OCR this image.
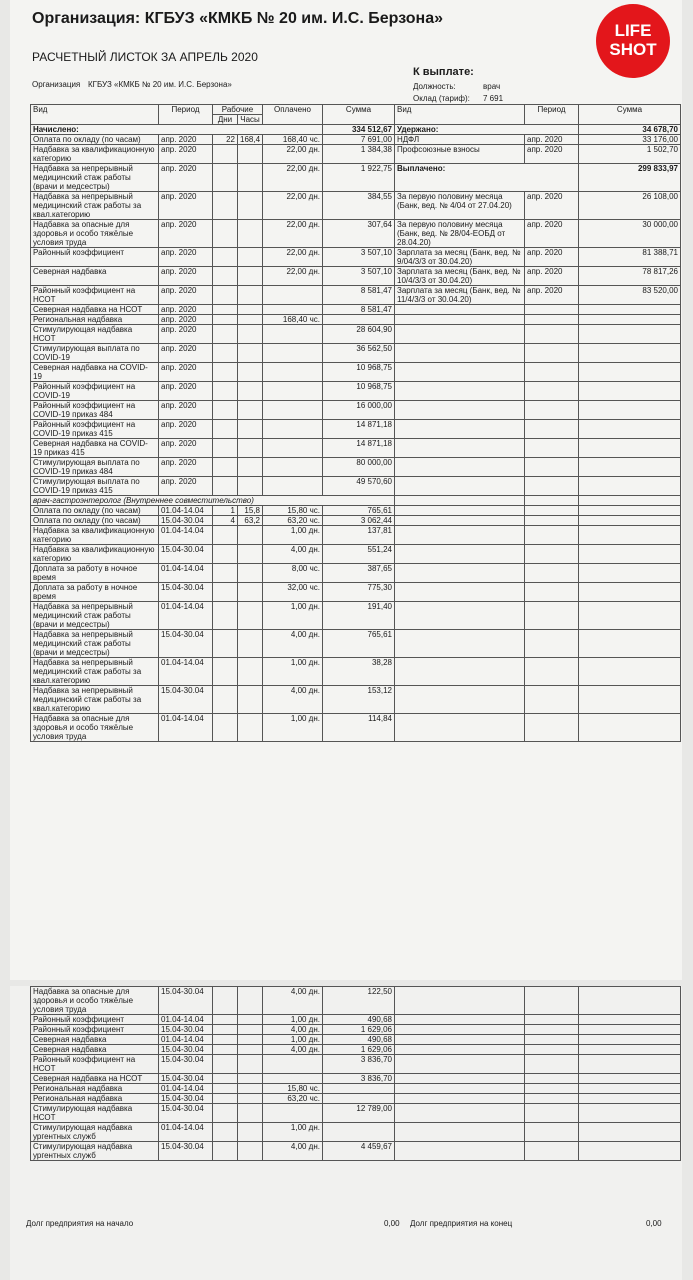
Организация: КГБУЗ «КМКБ № 20 им. И.С. Берзона»
РАСЧЕТНЫЙ ЛИСТОК ЗА АПРЕЛЬ 2020
Организация КГБУЗ «КМКБ № 20 им. И.С. Берзона»
К выплате:
Должность:	врач
Оклад (тариф): 7 691
Вид	Период	Рабочие		Оплачено	Сумма	Вид	Период	Сумма
		Дни	Часы					
Начислено:					334 512,67	Удержано:		34 678,70
Оплата по окладу (по часам)	апр. 2020	22	168,4	168,40 чс.	7 691,00	НДФЛ	апр. 2020	33 176,00
Надбавка за квалификационную категорию	апр. 2020			22,00 дн.	1 384,38	Профсоюзные взносы	апр. 2020	1 502,70
Надбавка за непрерывный медицинский стаж работы (врачи и медсестры)	апр. 2020			22,00 дн.	1 922,75	Выплачено:		299 833,97
Надбавка за непрерывный медицинский стаж работы за квал.категорию	апр. 2020			22,00 дн.	384,55	За первую половину месяца (Банк, вед. № 4/04 от 27.04.20)	апр. 2020	26 108,00
Надбавка за опасные для здоровья и особо тяжёлые условия труда	апр. 2020			22,00 дн.	307,64	За первую половину месяца (Банк, вед. № 28/04-ЕОБД от 28.04.20)	апр. 2020	30 000,00
Районный коэффициент	апр. 2020			22,00 дн.	3 507,10	Зарплата за месяц (Банк, вед. № 9/04/3/3 от 30.04.20)	апр. 2020	81 388,71
Северная надбавка	апр. 2020			22,00 дн.	3 507,10	Зарплата за месяц (Банк, вед. № 10/4/3/3 от 30.04.20)	апр. 2020	78 817,26
Районный коэффициент на НСОТ	апр. 2020				8 581,47	Зарплата за месяц (Банк, вед. № 11/4/3/3 от 30.04.20)	апр. 2020	83 520,00
Северная надбавка на НСОТ	апр. 2020				8 581,47			
Региональная надбавка	апр. 2020			168,40 чс.				
Стимулирующая надбавка НСОТ	апр. 2020				28 604,90			
Стимулирующая выплата по COVID-19	апр. 2020				36 562,50			
Северная надбавка на COVID-19	апр. 2020				10 968,75			
Районный коэффициент на COVID-19	апр. 2020				10 968,75			
Районный коэффициент на COVID-19 приказ 484	апр. 2020				16 000,00			
Районный коэффициент на COVID-19 приказ 415	апр. 2020				14 871,18			
Северная надбавка на COVID-19 приказ 415	апр. 2020				14 871,18			
Стимулирующая выплата по COVID-19 приказ 484	апр. 2020				80 000,00			
Стимулирующая выплата по COVID-19 приказ 415	апр. 2020				49 570,60			
врач-гастроэнтеролог (Внутреннее совместительство)								
Оплата по окладу (по часам)	01.04-14.04	1	15,8	15,80 чс.	765,61			
Оплата по окладу (по часам)	15.04-30.04	4	63,2	63,20 чс.	3 062,44			
Надбавка за квалификационную категорию	01.04-14.04			1,00 дн.	137,81			
Надбавка за квалификационную категорию	15.04-30.04			4,00 дн.	551,24			
Доплата за работу в ночное время	01.04-14.04			8,00 чс.	387,65			
Доплата за работу в ночное время	15.04-30.04			32,00 чс.	775,30			
Надбавка за непрерывный медицинский стаж работы (врачи и медсестры)	01.04-14.04			1,00 дн.	191,40			
Надбавка за непрерывный медицинский стаж работы (врачи и медсестры)	15.04-30.04			4,00 дн.	765,61			
Надбавка за непрерывный медицинский стаж работы за квал.категорию	01.04-14.04			1,00 дн.	38,28			
Надбавка за непрерывный медицинский стаж работы за квал.категорию	15.04-30.04			4,00 дн.	153,12			
Надбавка за опасные для здоровья и особо тяжёлые условия труда	01.04-14.04			1,00 дн.	114,84			
LIFE
SHOT
Надбавка за опасные для здоровья и особо тяжёлые условия труда	15.04-30.04			4,00 дн.	122,50			
Районный коэффициент	01.04-14.04			1,00 дн.	490,68			
Районный коэффициент	15.04-30.04			4,00 дн.	1 629,06			
Северная надбавка	01.04-14.04			1,00 дн.	490,68			
Северная надбавка	15.04-30.04			4,00 дн.	1 629,06			
Районный коэффициент на НСОТ	15.04-30.04				3 836,70			
Северная надбавка на НСОТ	15.04-30.04				3 836,70			
Региональная надбавка	01.04-14.04			15,80 чс.				
Региональная надбавка	15.04-30.04			63,20 чс.				
Стимулирующая надбавка НСОТ	15.04-30.04				12 789,00			
Стимулирующая надбавка ургентных служб	01.04-14.04			1,00 дн.				
Стимулирующая надбавка ургентных служб	15.04-30.04			4,00 дн.	4 459,67			
Долг предприятия на начало	0,00 Долг предприятия на конец	0,00
